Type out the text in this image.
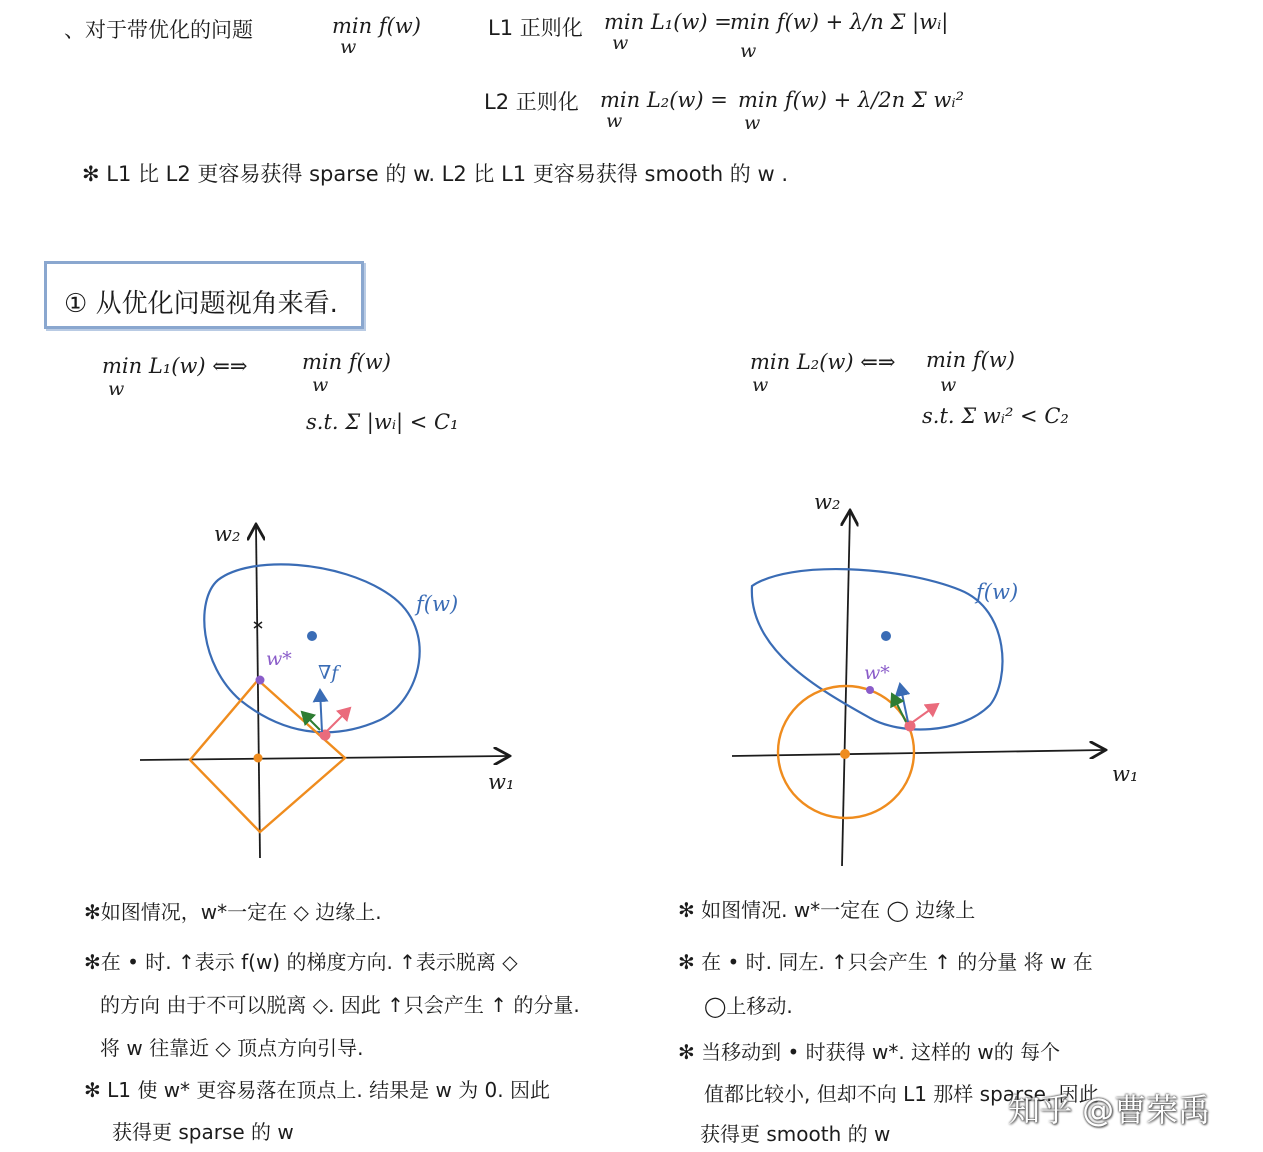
、对于带优化的问题	min f(w)
w
L1 正则化 min L₁(w) =
w
min f(w) + λ/n Σ |wᵢ|
w
L2 正则化 min L₂(w) =
w
min f(w) + λ/2n Σ wᵢ²
w
✻ L1 比 L2 更容易获得 sparse 的 w. L2 比 L1 更容易获得 smooth 的 w .
① 从优化问题视角来看.
min L₁(w) ⇐⇒
w
min f(w)
w
s.t. Σ |wᵢ| < C₁
min L₂(w) ⇐⇒
w
min f(w)
w
s.t. Σ wᵢ² < C₂
w₂
w₁
f(w)
w*
∇f
w₂
w₁
f(w)
w*
✻如图情况，w*一定在 ◇ 边缘上.
✻在 • 时. ↑表示 f(w) 的梯度方向. ↑表示脱离 ◇
的方向 由于不可以脱离 ◇. 因此 ↑只会产生 ↑ 的分量.
将 w 往靠近 ◇ 顶点方向引导.
✻ L1 使 w* 更容易落在顶点上. 结果是 w 为 0. 因此
获得更 sparse 的 w
✻ 如图情况. w*一定在 ◯ 边缘上
✻ 在 • 时. 同左. ↑只会产生 ↑ 的分量 将 w 在
◯上移动.
✻ 当移动到 • 时获得 w*. 这样的 w的 每个
值都比较小, 但却不向 L1 那样 sparse. 因此
获得更 smooth 的 w
知乎 @曹荣禹
